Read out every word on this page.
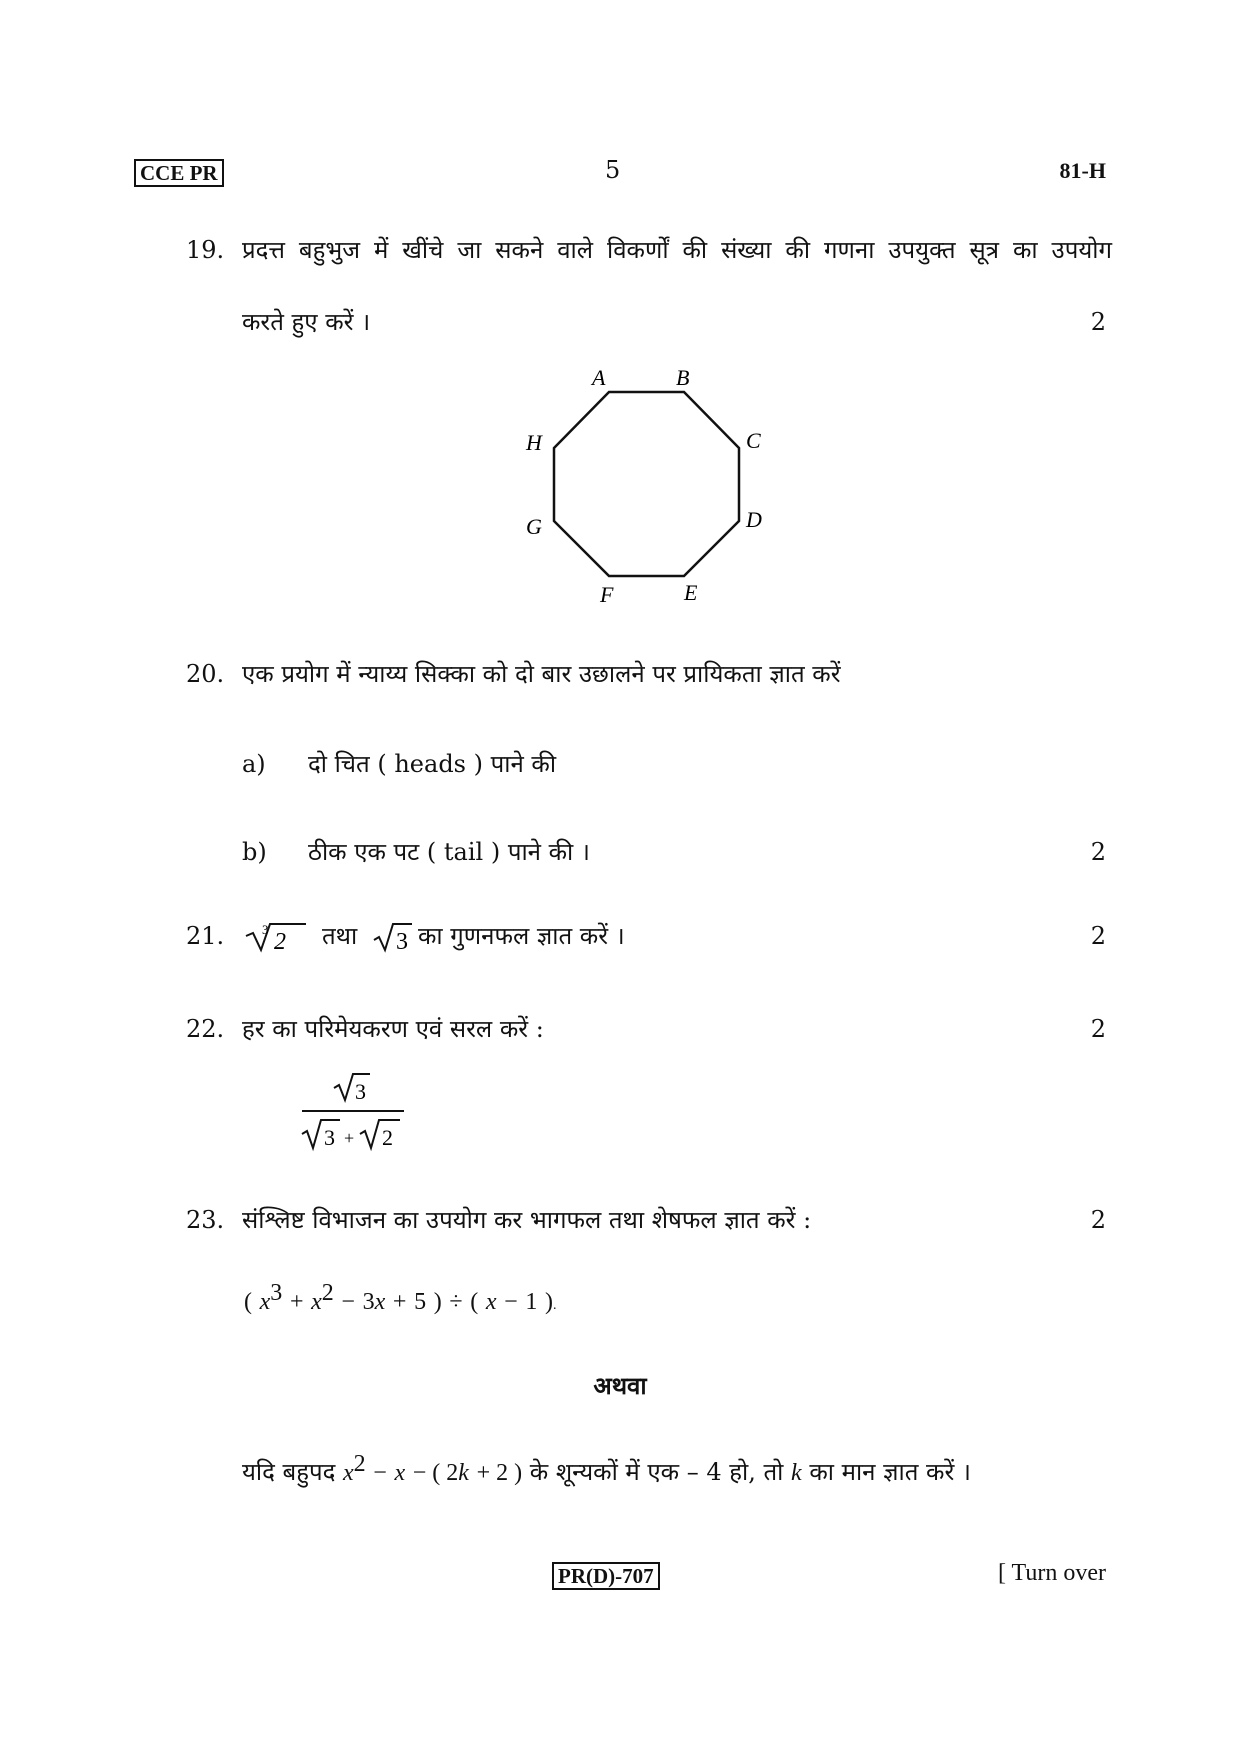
CCE PR	5	81-H
19. प्रदत्त बहुभुज में खींचे जा सकने वाले विकर्णों की संख्या की गणना उपयुक्त सूत्र का उपयोग
करते हुए करें ।	2
A	B
C
D
E
F
G
H
20. एक प्रयोग में न्याय्य सिक्का को दो बार उछालने पर प्रायिकता ज्ञात करें
a) दो चित ( heads ) पाने की
b) ठीक एक पट ( tail ) पाने की ।	2
21.	3 2 तथा 3 का गुणनफल ज्ञात करें ।	2
22. हर का परिमेयकरण एवं सरल करें :	2
3
3 + 2
23. संश्लिष्ट विभाजन का उपयोग कर भागफल तथा शेषफल ज्ञात करें :	2
( $x^3 + x^2 - 3x + 5$ ) ÷ ( x − 1 ).
अथवा
यदि बहुपद $x^2 - x$ − ( 2k + 2 ) के शून्यकों में एक – 4 हो, तो k का मान ज्ञात करें ।
PR(D)-707	[ Turn over
